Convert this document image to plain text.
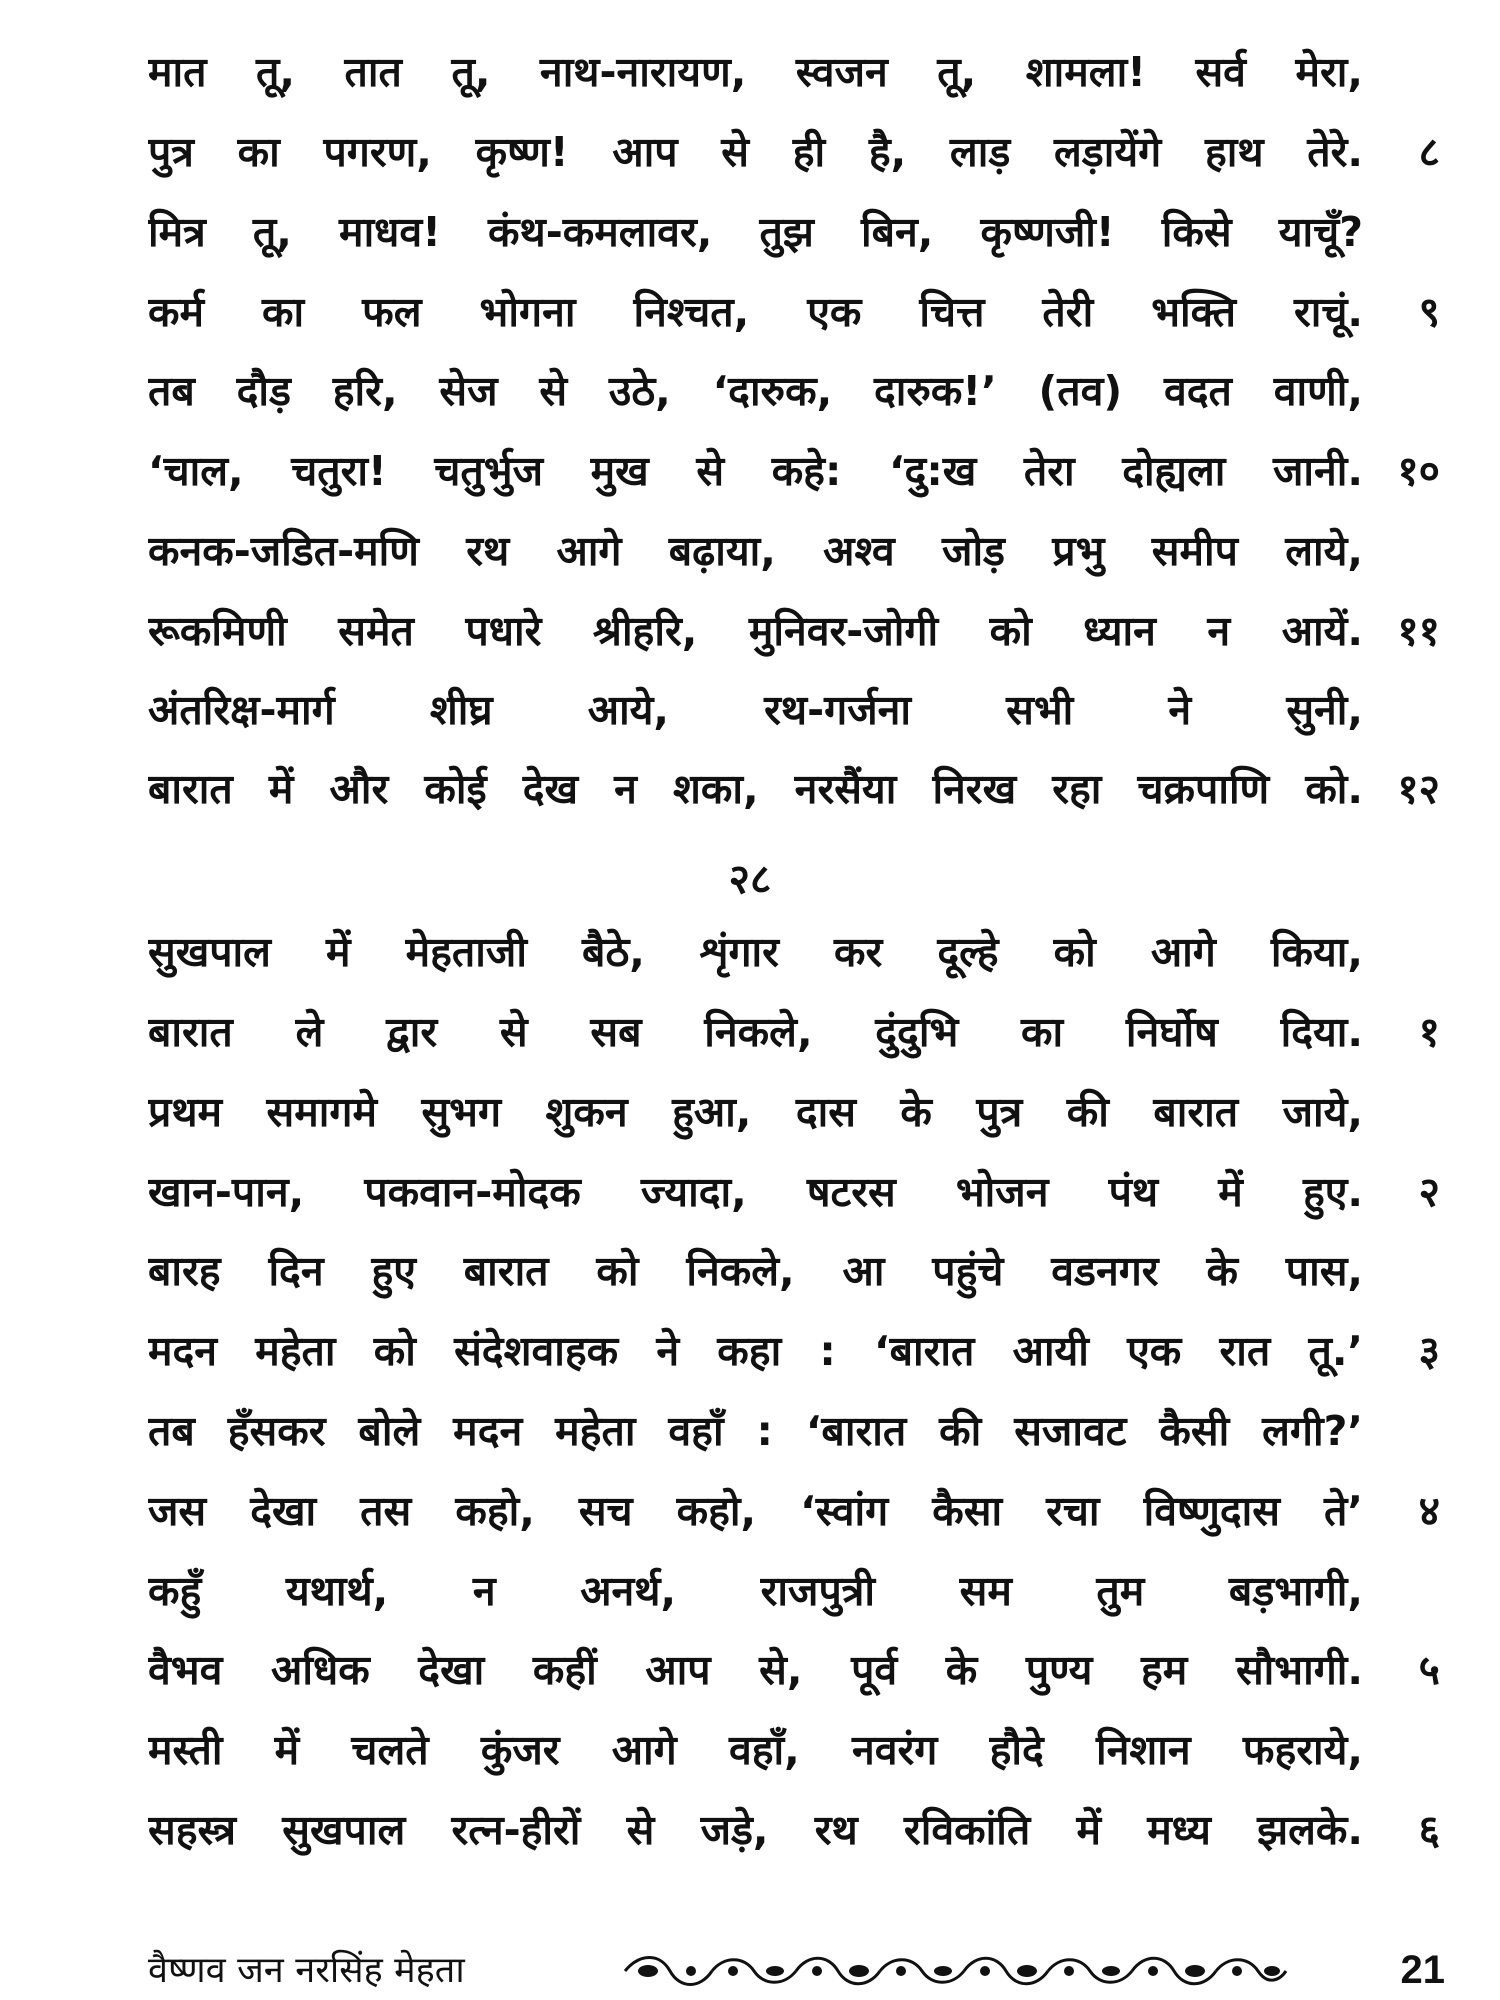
मात तू, तात तू, नाथ-नारायण, स्वजन तू, शामला! सर्व मेरा,
पुत्र का पगरण, कृष्ण! आप से ही है, लाड़ लड़ायेंगे हाथ तेरे.	८
मित्र तू, माधव! कंथ-कमलावर, तुझ बिन, कृष्णजी! किसे याचूँ?
कर्म का फल भोगना निश्चत, एक चित्त तेरी भक्ति राचूं.	९
तब दौड़ हरि, सेज से उठे, ‘दारुक, दारुक!’ (तव) वदत वाणी,
‘चाल, चतुरा! चतुर्भुज मुख से कहे: ‘दु:ख तेरा दोह्यला जानी. १०
कनक-जडित-मणि रथ आगे बढ़ाया, अश्व जोड़ प्रभु समीप लाये,
रूकमिणी समेत पधारे श्रीहरि, मुनिवर-जोगी को ध्यान न आयें. ११
अंतरिक्ष-मार्ग शीघ्र आये, रथ-गर्जना सभी ने सुनी,
बारात में और कोई देख न शका, नरसैंया निरख रहा चक्रपाणि को. १२
२८
सुखपाल में मेहताजी बैठे, शृंगार कर दूल्हे को आगे किया,
बारात ले द्वार से सब निकले, दुंदुभि का निर्घोष दिया.	१
प्रथम समागमे सुभग शुकन हुआ, दास के पुत्र की बारात जाये,
खान-पान, पकवान-मोदक ज्यादा, षटरस भोजन पंथ में हुए.	२
बारह दिन हुए बारात को निकले, आ पहुंचे वडनगर के पास,
मदन महेता को संदेशवाहक ने कहा : ‘बारात आयी एक रात तू.’	३
तब हँसकर बोले मदन महेता वहाँ : ‘बारात की सजावट कैसी लगी?’
जस देखा तस कहो, सच कहो, ‘स्वांग कैसा रचा विष्णुदास ते’	४
कहुँ यथार्थ, न अनर्थ, राजपुत्री सम तुम बड़भागी,
वैभव अधिक देखा कहीं आप से, पूर्व के पुण्य हम सौभागी.	५
मस्ती में चलते कुंजर आगे वहाँ, नवरंग हौदे निशान फहराये,
सहस्त्र सुखपाल रत्न-हीरों से जड़े, रथ रविकांति में मध्य झलके.	६
वैष्णव जन नरसिंह मेहता	21
